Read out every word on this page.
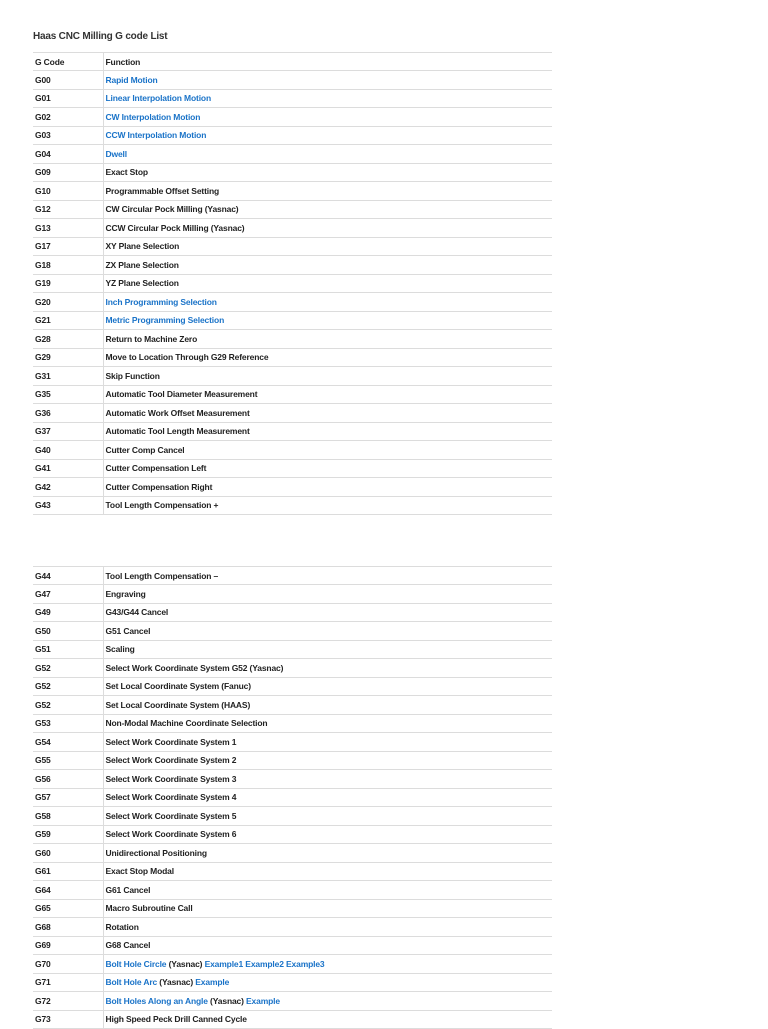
Haas CNC Milling G code List
G Code	Function
G00	Rapid Motion
G01	Linear Interpolation Motion
G02	CW Interpolation Motion
G03	CCW Interpolation Motion
G04	Dwell
G09	Exact Stop
G10	Programmable Offset Setting
G12	CW Circular Pock Milling (Yasnac)
G13	CCW Circular Pock Milling (Yasnac)
G17	XY Plane Selection
G18	ZX Plane Selection
G19	YZ Plane Selection
G20	Inch Programming Selection
G21	Metric Programming Selection
G28	Return to Machine Zero
G29	Move to Location Through G29 Reference
G31	Skip Function
G35	Automatic Tool Diameter Measurement
G36	Automatic Work Offset Measurement
G37	Automatic Tool Length Measurement
G40	Cutter Comp Cancel
G41	Cutter Compensation Left
G42	Cutter Compensation Right
G43	Tool Length Compensation +
G44	Tool Length Compensation –
G47	Engraving
G49	G43/G44 Cancel
G50	G51 Cancel
G51	Scaling
G52	Select Work Coordinate System G52 (Yasnac)
G52	Set Local Coordinate System (Fanuc)
G52	Set Local Coordinate System (HAAS)
G53	Non-Modal Machine Coordinate Selection
G54	Select Work Coordinate System 1
G55	Select Work Coordinate System 2
G56	Select Work Coordinate System 3
G57	Select Work Coordinate System 4
G58	Select Work Coordinate System 5
G59	Select Work Coordinate System 6
G60	Unidirectional Positioning
G61	Exact Stop Modal
G64	G61 Cancel
G65	Macro Subroutine Call
G68	Rotation
G69	G68 Cancel
G70	Bolt Hole Circle (Yasnac) Example1 Example2 Example3
G71	Bolt Hole Arc (Yasnac) Example
G72	Bolt Holes Along an Angle (Yasnac) Example
G73	High Speed Peck Drill Canned Cycle
